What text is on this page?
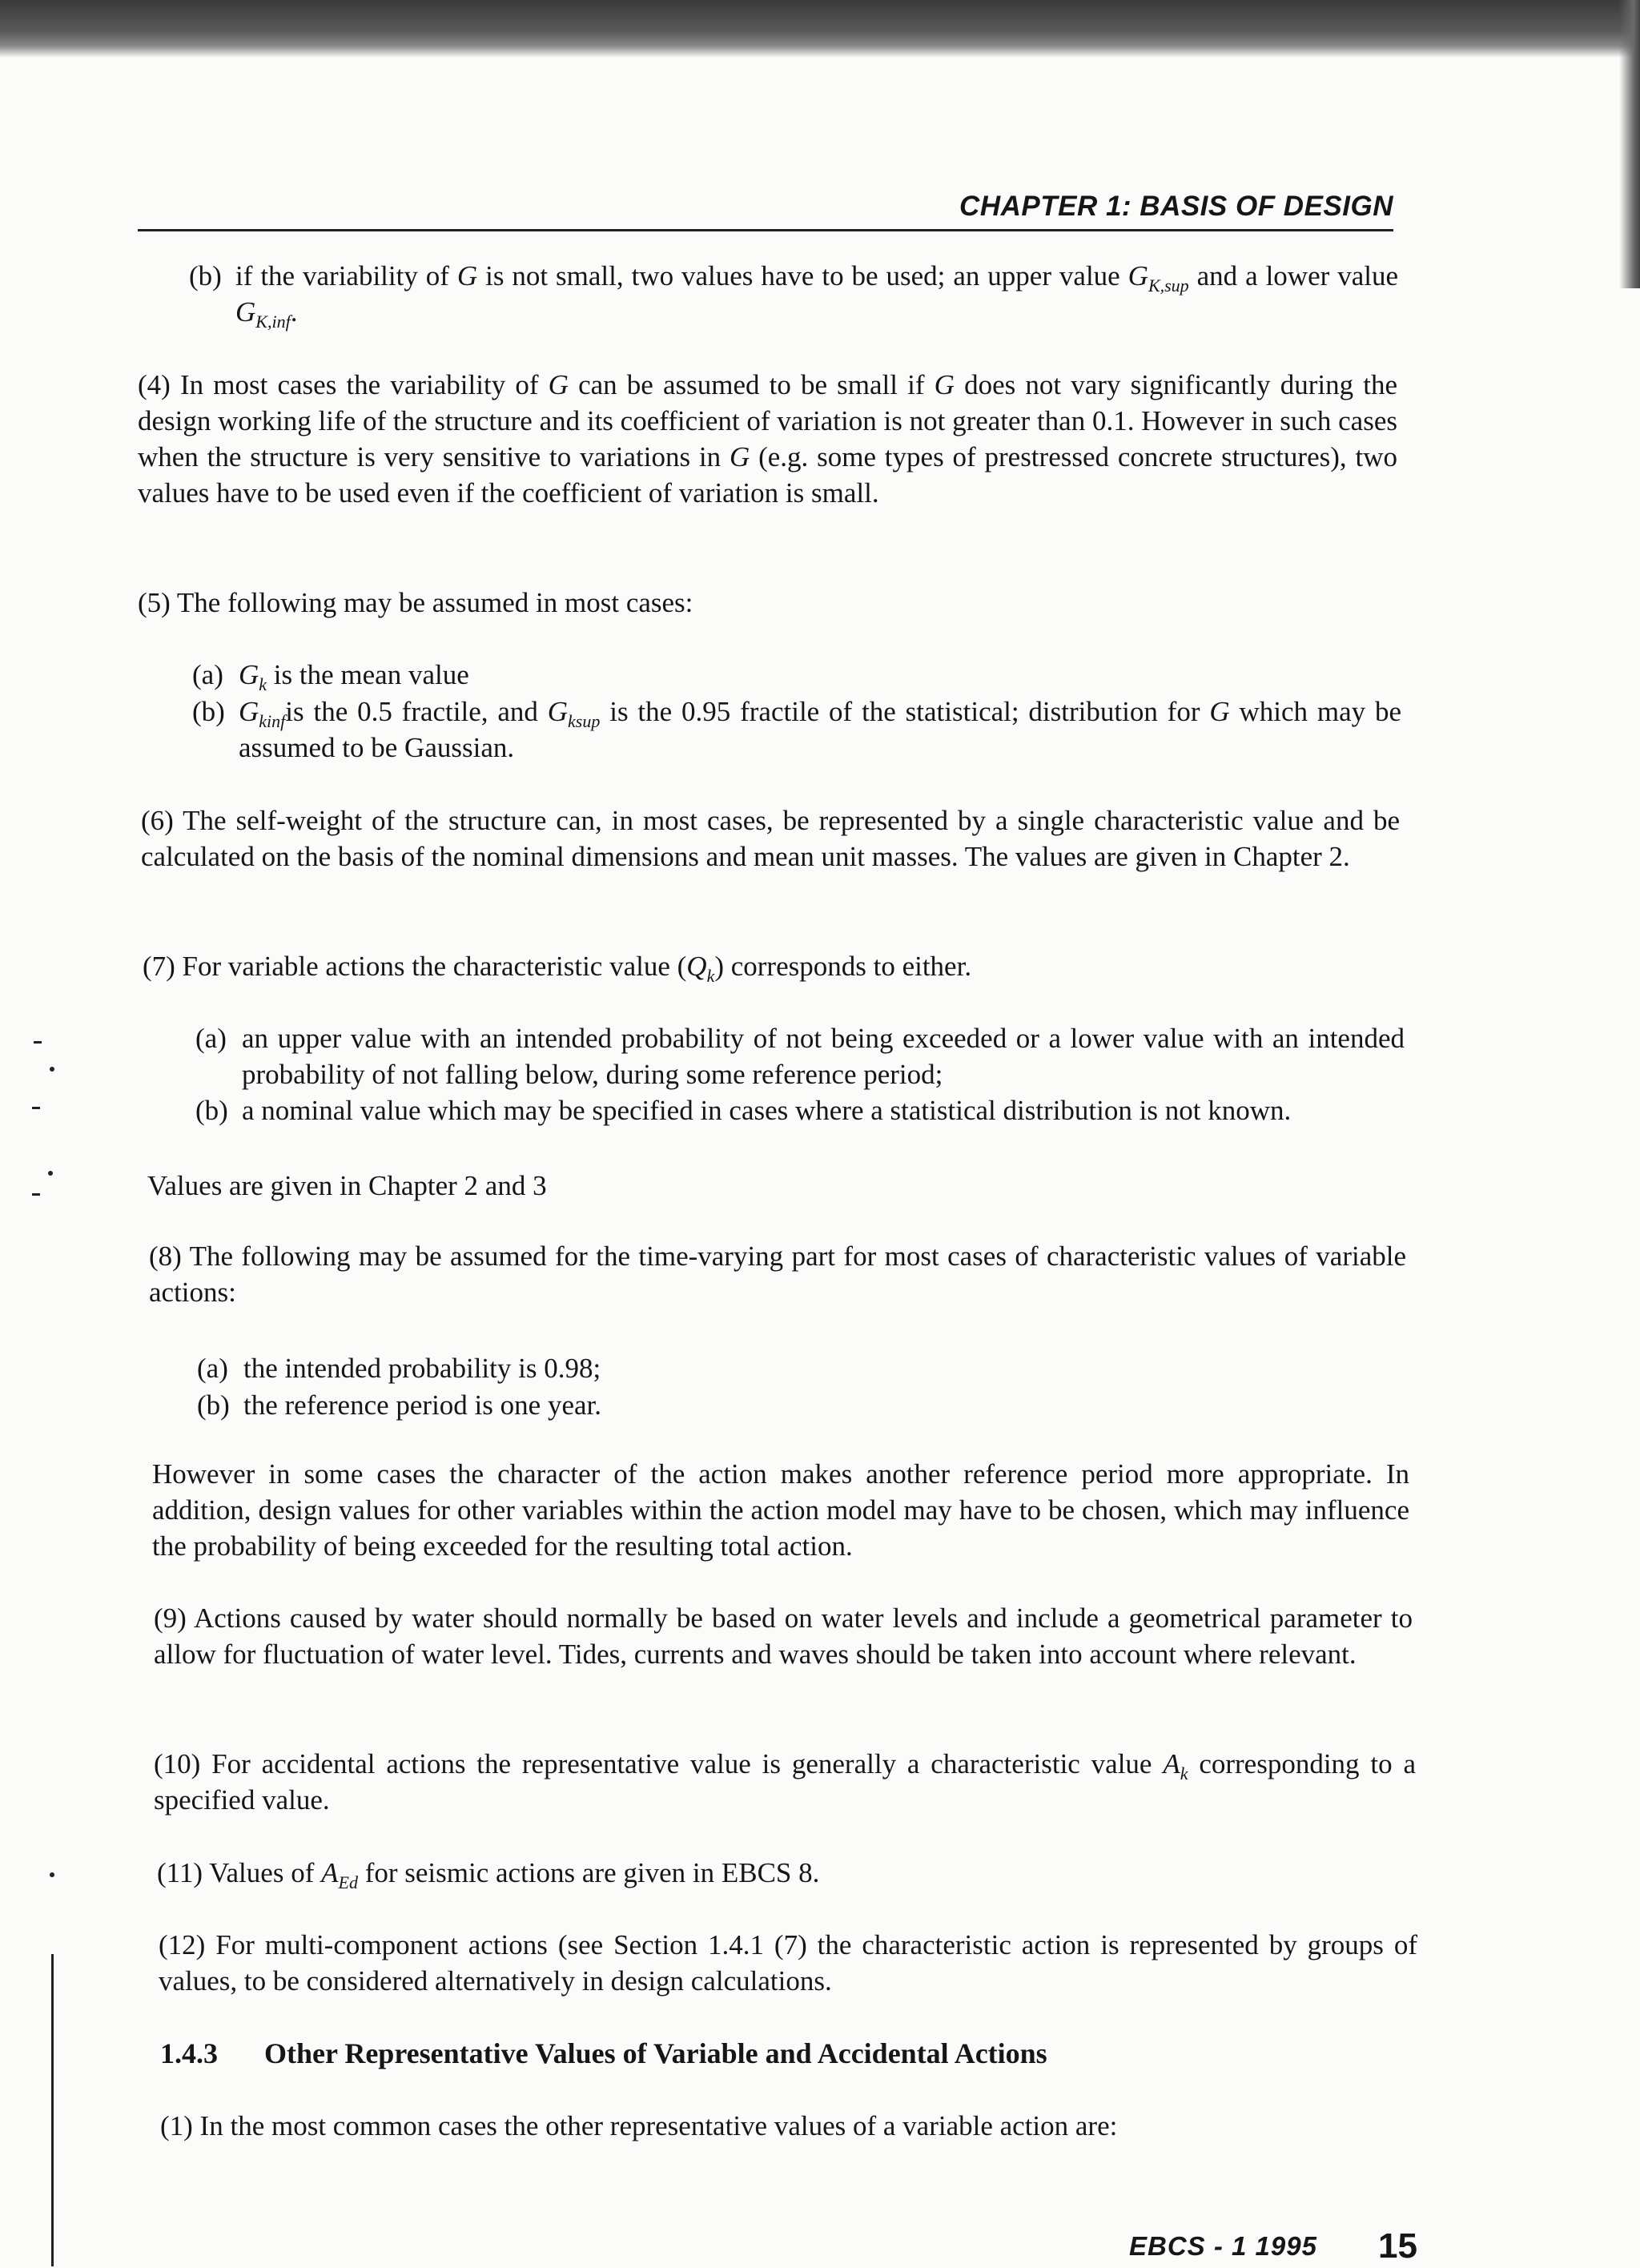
CHAPTER 1: BASIS OF DESIGN

(b) if the variability of G is not small, two values have to be used; an upper value $G_{K,sup}$ and a lower value $G_{K,inf}$.

(4) In most cases the variability of G can be assumed to be small if G does not vary significantly during the design working life of the structure and its coefficient of variation is not greater than 0.1. However in such cases when the structure is very sensitive to variations in G (e.g. some types of prestressed concrete structures), two values have to be used even if the coefficient of variation is small.

(5) The following may be assumed in most cases:

(a) $G_k$ is the mean value
(b) $G_{kinf}is$ the 0.5 fractile, and $G_{ksup}$ is the 0.95 fractile of the statistical; distribution for G which may be assumed to be Gaussian.

(6) The self-weight of the structure can, in most cases, be represented by a single characteristic value and be calculated on the basis of the nominal dimensions and mean unit masses. The values are given in Chapter 2.

(7) For variable actions the characteristic value $(Q_k)$ corresponds to either.

(a) an upper value with an intended probability of not being exceeded or a lower value with an intended probability of not falling below, during some reference period;
(b) a nominal value which may be specified in cases where a statistical distribution is not known.

Values are given in Chapter 2 and 3

(8) The following may be assumed for the time-varying part for most cases of characteristic values of variable actions:

(a) the intended probability is 0.98;
(b) the reference period is one year.

However in some cases the character of the action makes another reference period more appropriate. In addition, design values for other variables within the action model may have to be chosen, which may influence the probability of being exceeded for the resulting total action.

(9) Actions caused by water should normally be based on water levels and include a geometrical parameter to allow for fluctuation of water level. Tides, currents and waves should be taken into account where relevant.

(10) For accidental actions the representative value is generally a characteristic value $A_k$ corresponding to a specified value.

(11) Values of $A_{Ed}$ for seismic actions are given in EBCS 8.

(12) For multi-component actions (see Section 1.4.1 (7) the characteristic action is represented by groups of values, to be considered alternatively in design calculations.

1.4.3 Other Representative Values of Variable and Accidental Actions

(1) In the most common cases the other representative values of a variable action are:

EBCS - 1 1995 15
